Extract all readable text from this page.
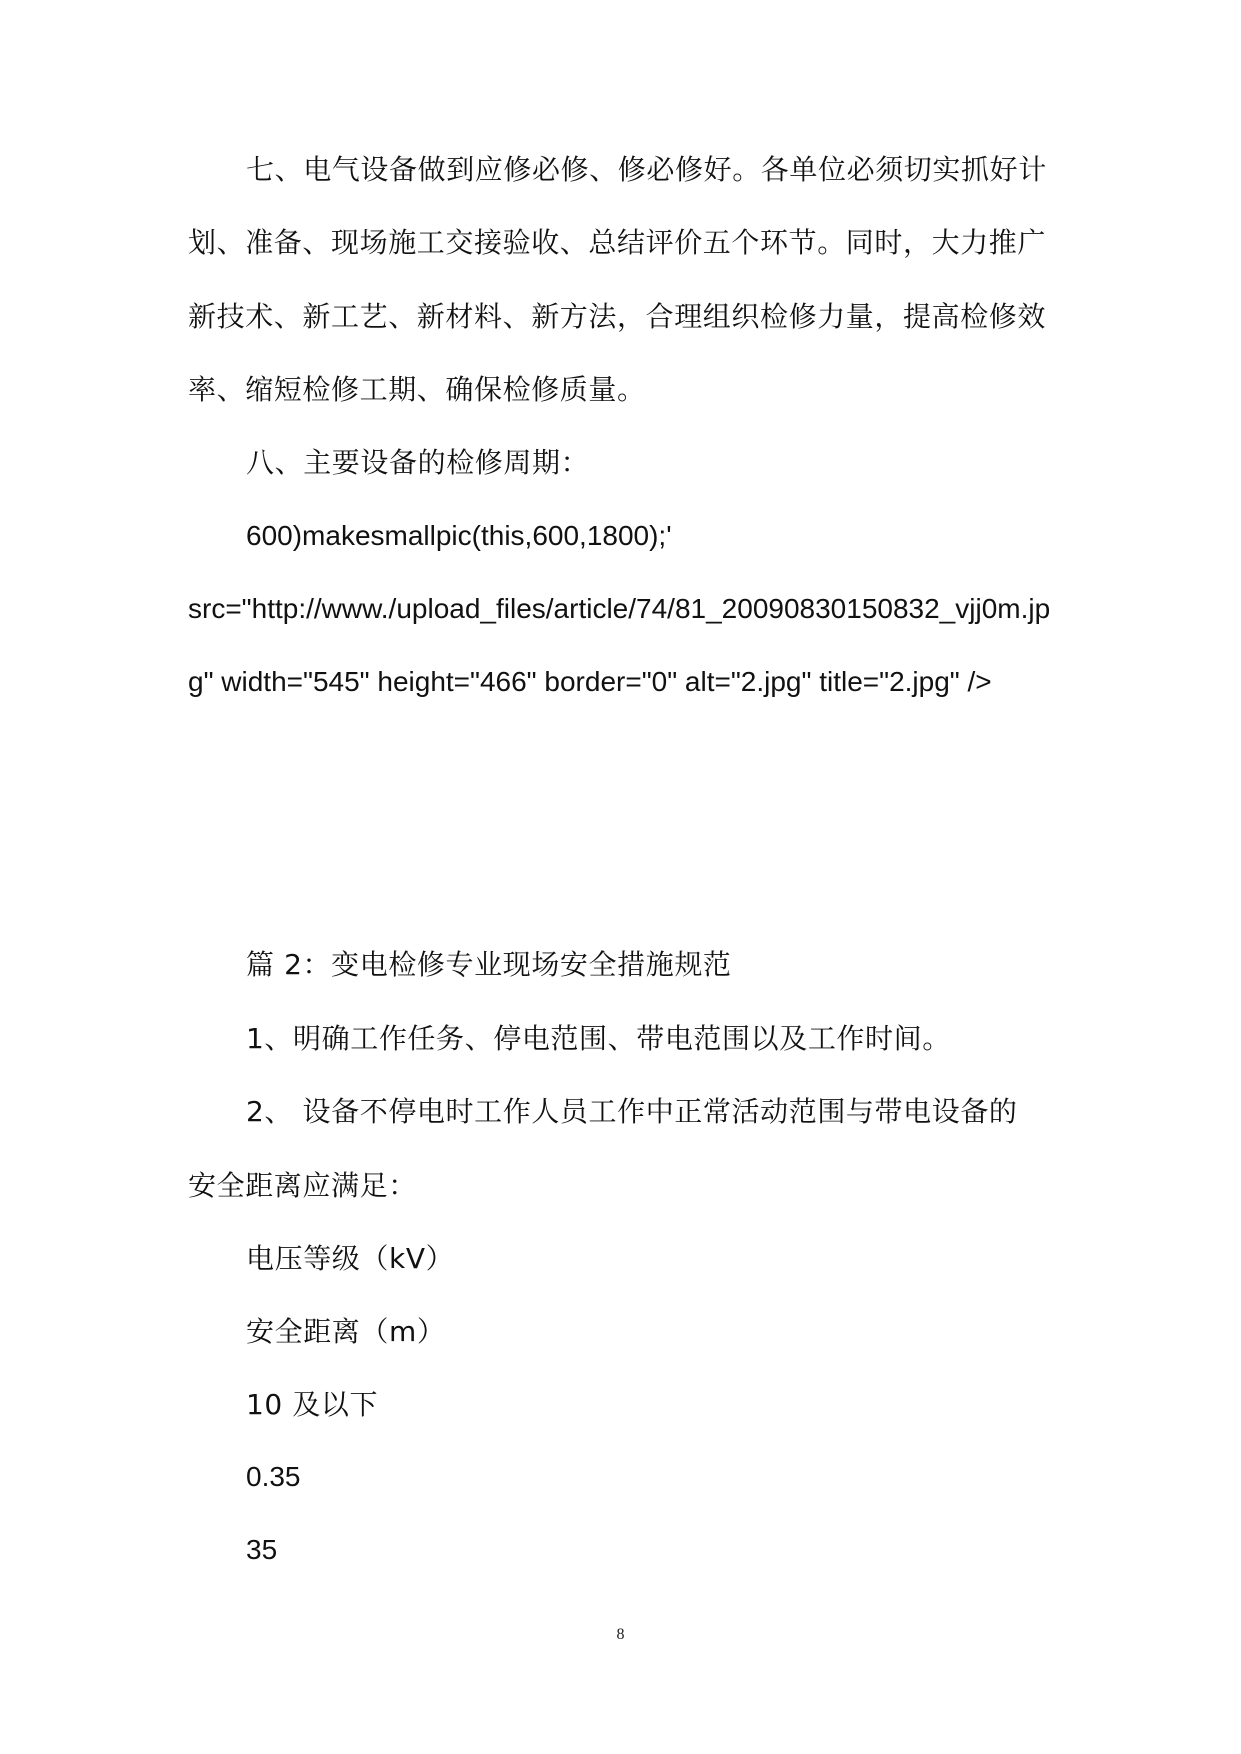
七、电气设备做到应修必修、修必修好。各单位必须切实抓好计
划、准备、现场施工交接验收、总结评价五个环节。同时，大力推广
新技术、新工艺、新材料、新方法，合理组织检修力量，提高检修效
率、缩短检修工期、确保检修质量。
八、主要设备的检修周期：
600)makesmallpic(this,600,1800);'
src="http://www./upload_files/article/74/81_20090830150832_vjj0m.jp
g" width="545" height="466" border="0" alt="2.jpg" title="2.jpg" />
篇 2：变电检修专业现场安全措施规范
1、明确工作任务、停电范围、带电范围以及工作时间。
2、 设备不停电时工作人员工作中正常活动范围与带电设备的
安全距离应满足：
电压等级（kV）
安全距离（m）
10 及以下
0.35
35
8
